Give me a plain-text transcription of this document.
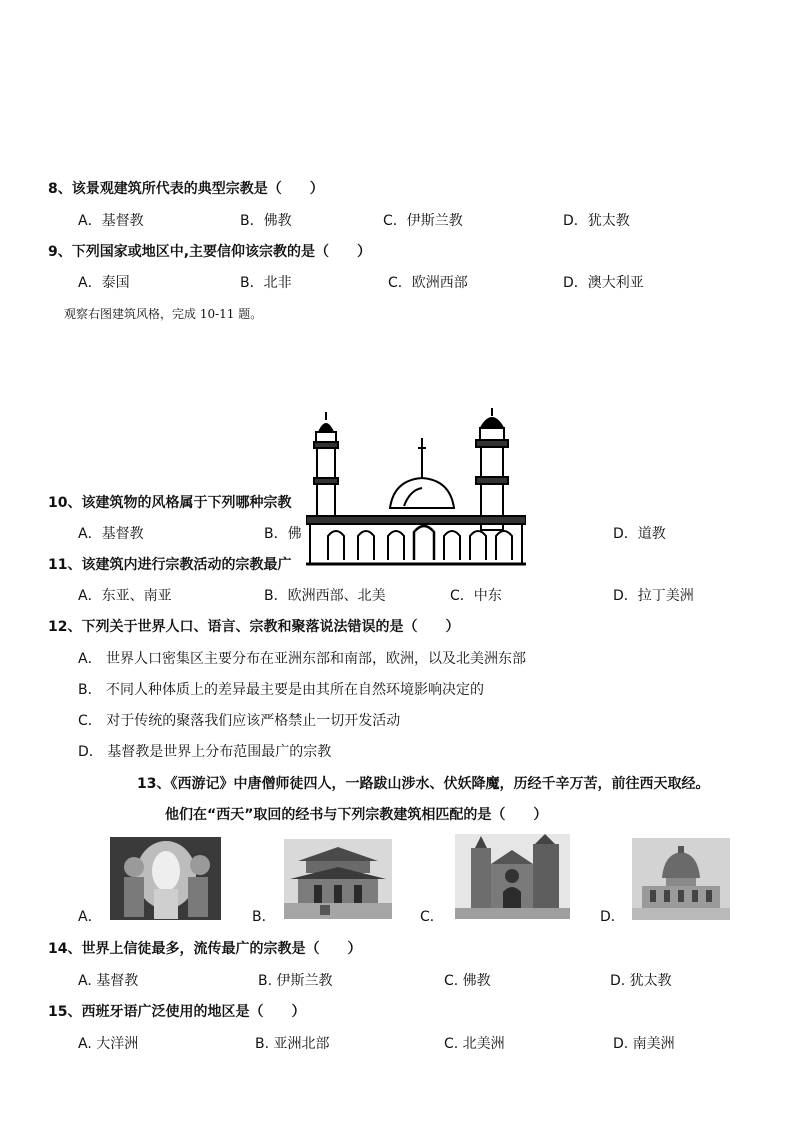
8、该景观建筑所代表的典型宗教是（　　）
A．基督教	B．佛教	C．伊斯兰教	D．犹太教
9、下列国家或地区中,主要信仰该宗教的是（　　）
A．泰国	B．北非	C．欧洲西部	D．澳大利亚
观察右图建筑风格，完成 10-11 题。
10、该建筑物的风格属于下列哪种宗教
A．基督教	B．佛	D．道教
11、该建筑内进行宗教活动的宗教最广
A．东亚、南亚	B．欧洲西部、北美	C．中东	D．拉丁美洲
12、下列关于世界人口、语言、宗教和聚落说法错误的是（　　）
A． 世界人口密集区主要分布在亚洲东部和南部，欧洲，以及北美洲东部
B． 不同人种体质上的差异最主要是由其所在自然环境影响决定的
C． 对于传统的聚落我们应该严格禁止一切开发活动
D． 基督教是世界上分布范围最广的宗教
13、《西游记》中唐僧师徒四人，一路跋山涉水、伏妖降魔，历经千辛万苦，前往西天取经。
他们在“西天”取回的经书与下列宗教建筑相匹配的是（　　）
A．	B．	C．	D．
14、世界上信徒最多，流传最广的宗教是（　　）
A. 基督教	B. 伊斯兰教	C. 佛教	D. 犹太教
15、西班牙语广泛使用的地区是（　　）
A. 大洋洲	B. 亚洲北部	C. 北美洲	D. 南美洲
